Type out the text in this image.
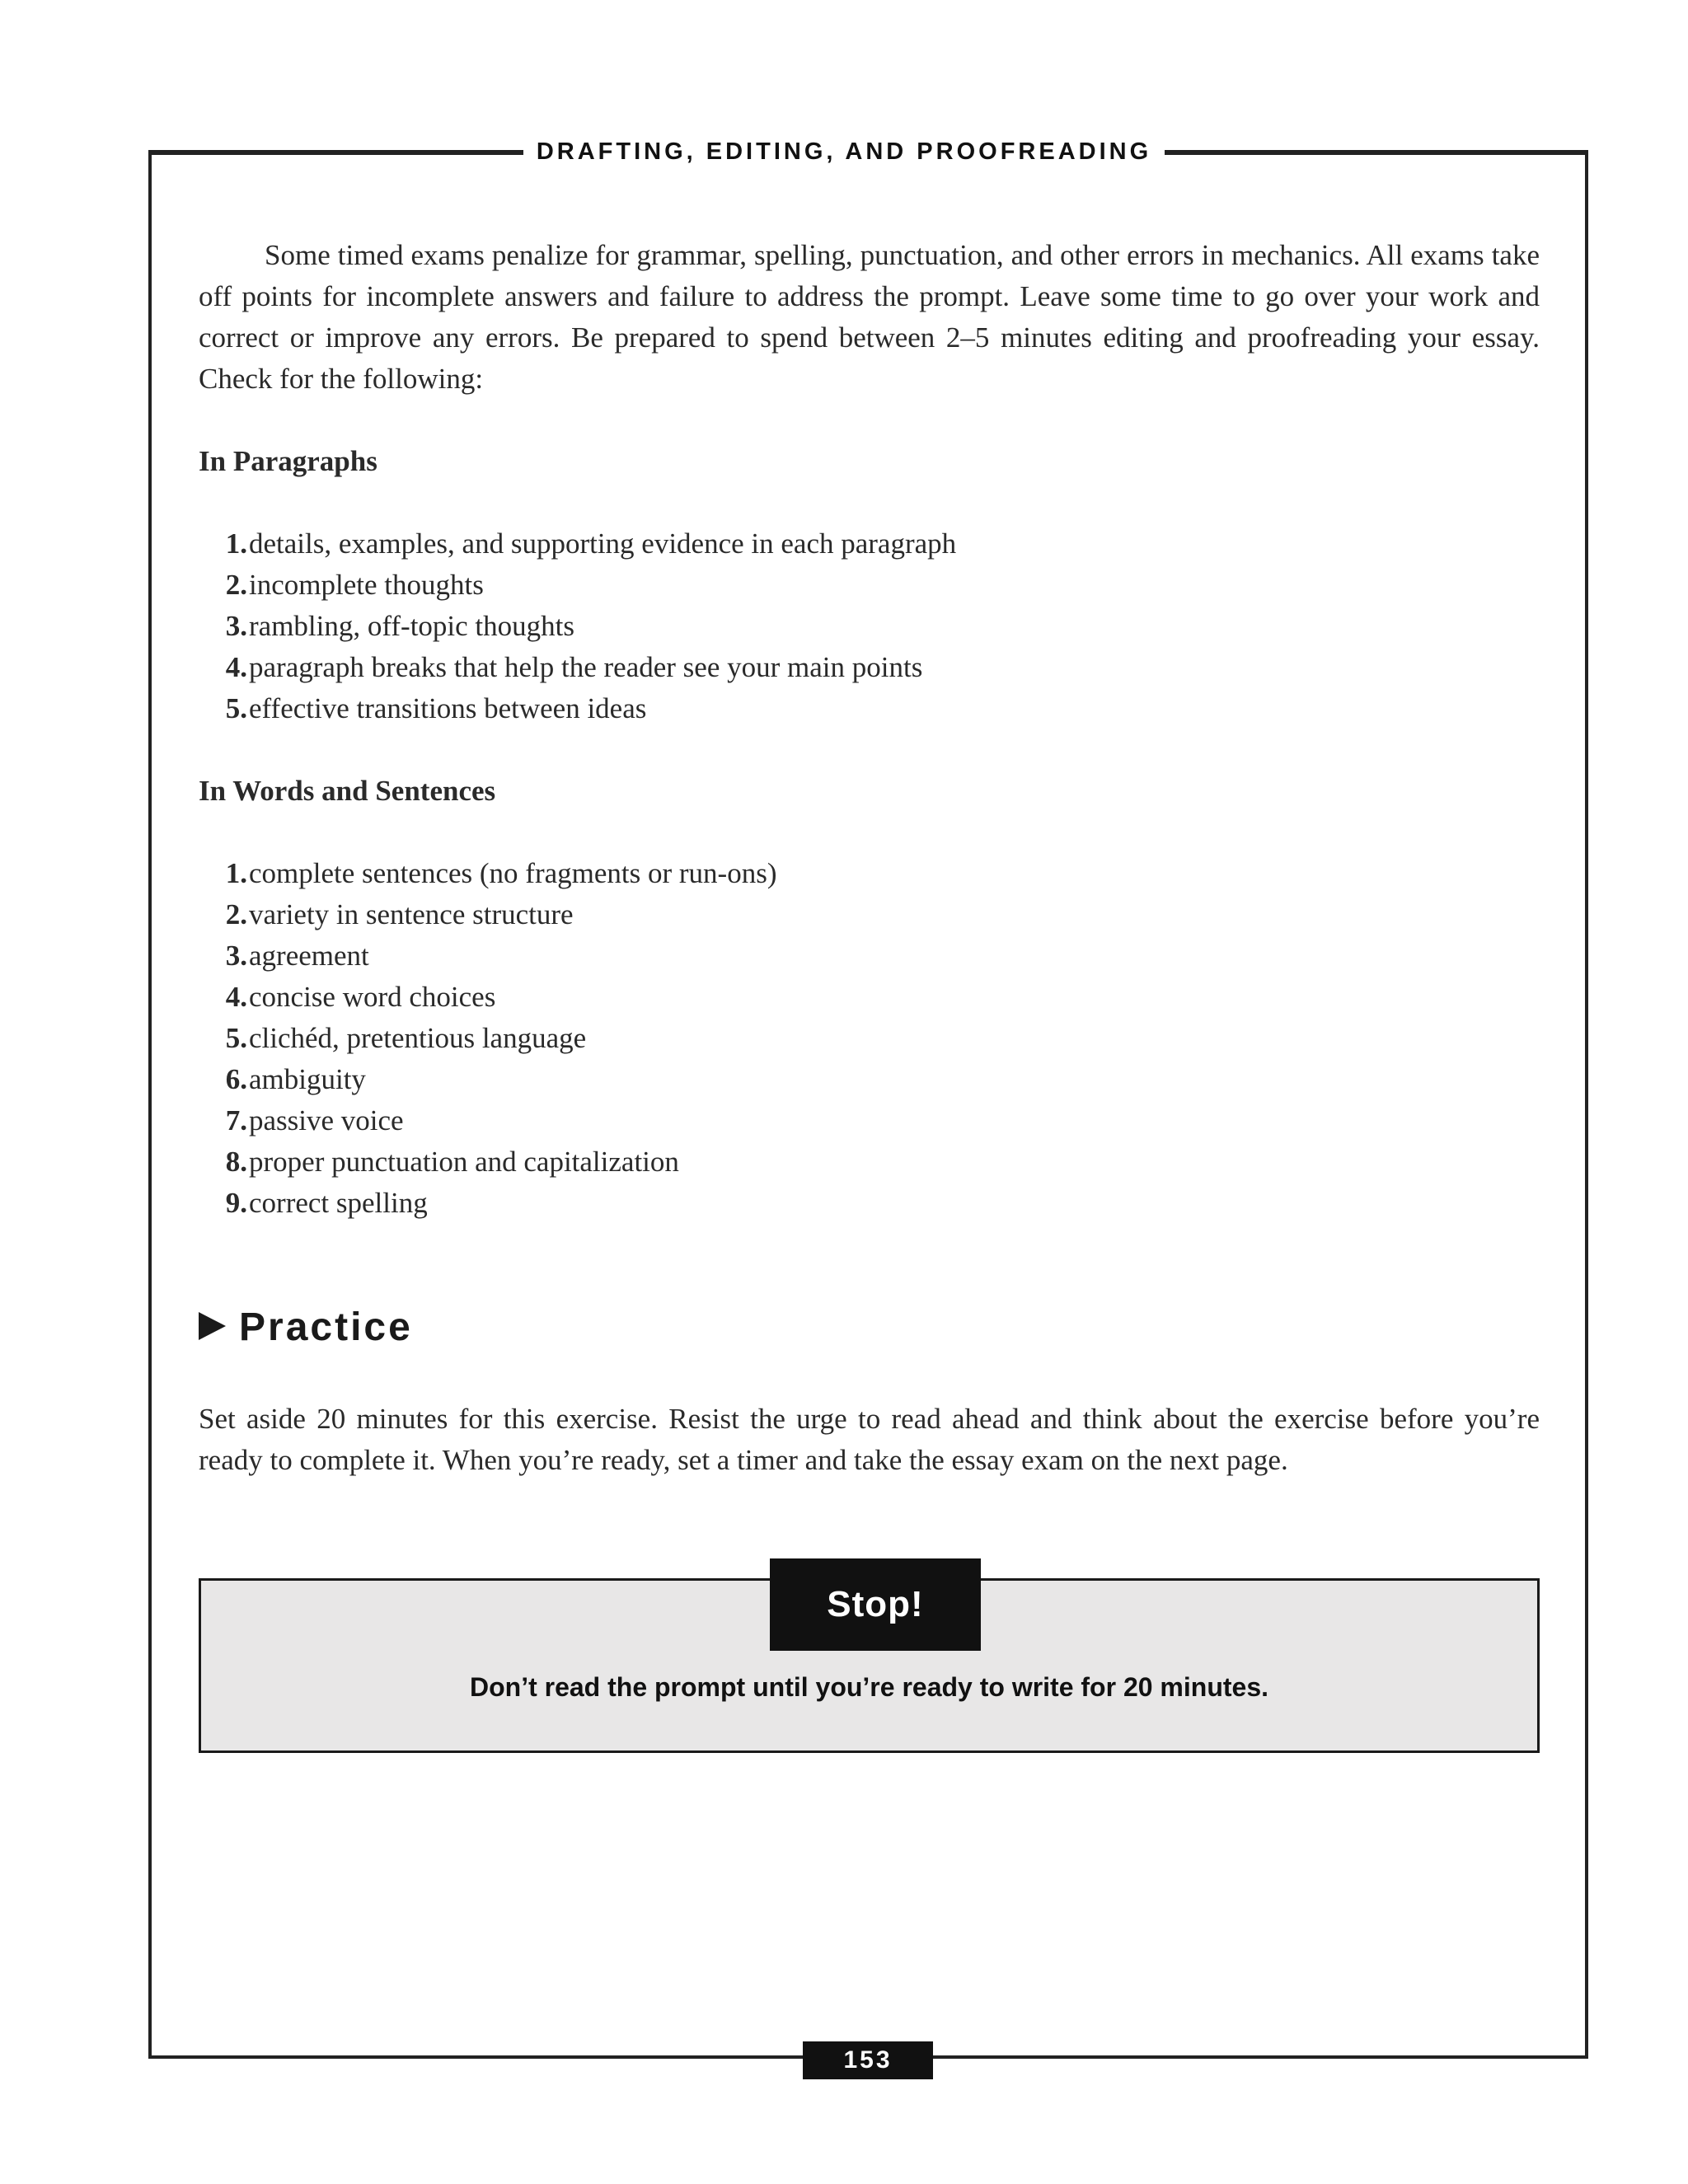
DRAFTING, EDITING, AND PROOFREADING

Some timed exams penalize for grammar, spelling, punctuation, and other errors in mechanics. All exams take off points for incomplete answers and failure to address the prompt. Leave some time to go over your work and correct or improve any errors. Be prepared to spend between 2–5 minutes editing and proofreading your essay. Check for the following:

In Paragraphs
1. details, examples, and supporting evidence in each paragraph
2. incomplete thoughts
3. rambling, off-topic thoughts
4. paragraph breaks that help the reader see your main points
5. effective transitions between ideas
In Words and Sentences
1. complete sentences (no fragments or run-ons)
2. variety in sentence structure
3. agreement
4. concise word choices
5. clichéd, pretentious language
6. ambiguity
7. passive voice
8. proper punctuation and capitalization
9. correct spelling
Practice

Set aside 20 minutes for this exercise. Resist the urge to read ahead and think about the exercise before you’re ready to complete it. When you’re ready, set a timer and take the essay exam on the next page.

Stop!
Don’t read the prompt until you’re ready to write for 20 minutes.
153
